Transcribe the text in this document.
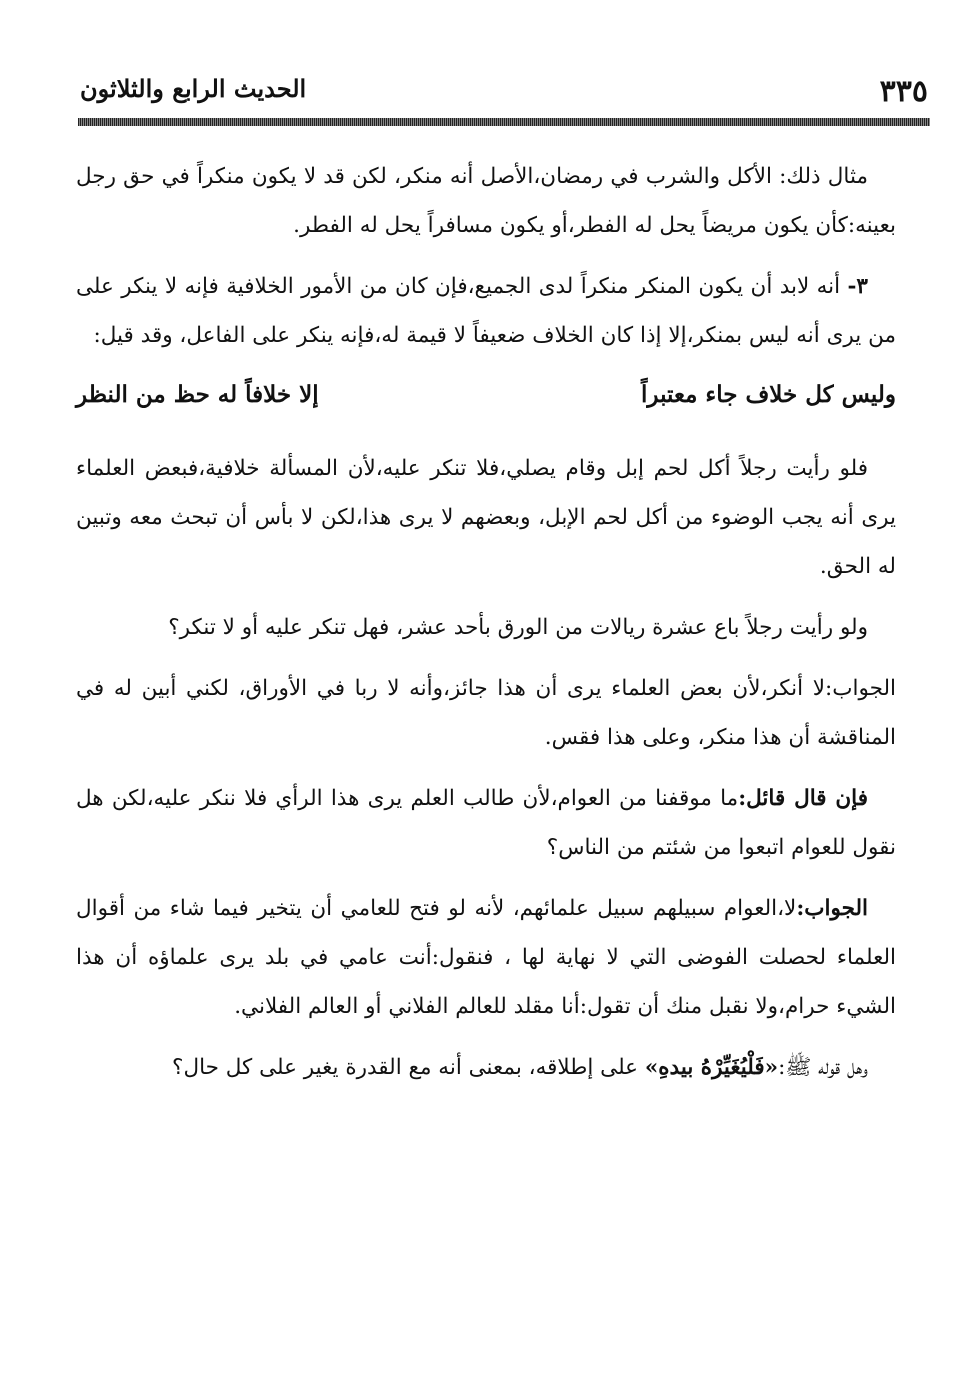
٣٣٥
الحديث الرابع والثلاثون

مثال ذلك: الأكل والشرب في رمضان،الأصل أنه منكر، لكن قد لا يكون منكراً في حق رجل بعينه:كأن يكون مريضاً يحل له الفطر،أو يكون مسافراً يحل له الفطر.

٣- أنه لابد أن يكون المنكر منكراً لدى الجميع،فإن كان من الأمور الخلافية فإنه لا ينكر على من يرى أنه ليس بمنكر،إلا إذا كان الخلاف ضعيفاً لا قيمة له،فإنه ينكر على الفاعل، وقد قيل:

وليس كل خلاف جاء معتبراً
إلا خلافاً له حظ من النظر

فلو رأيت رجلاً أكل لحم إبل وقام يصلي،فلا تنكر عليه،لأن المسألة خلافية،فبعض العلماء يرى أنه يجب الوضوء من أكل لحم الإبل، وبعضهم لا يرى هذا،لكن لا بأس أن تبحث معه وتبين له الحق.

ولو رأيت رجلاً باع عشرة ريالات من الورق بأحد عشر، فهل تنكر عليه أو لا تنكر؟

الجواب:لا أنكر،لأن بعض العلماء يرى أن هذا جائز،وأنه لا ربا في الأوراق، لكني أبين له في المناقشة أن هذا منكر، وعلى هذا فقس.

فإن قال قائل:ما موقفنا من العوام،لأن طالب العلم يرى هذا الرأي فلا ننكر عليه،لكن هل نقول للعوام اتبعوا من شئتم من الناس؟

الجواب:لا،العوام سبيلهم سبيل علمائهم، لأنه لو فتح للعامي أن يتخير فيما شاء من أقوال العلماء لحصلت الفوضى التي لا نهاية لها ، فنقول:أنت عامي في بلد يرى علماؤه أن هذا الشيء حرام،ولا نقبل منك أن تقول:أنا مقلد للعالم الفلاني أو العالم الفلاني.

وهل قوله ﷺ:«فَلْيُغَيِّرْهُ بيدهِ» على إطلاقه، بمعنى أنه مع القدرة يغير على كل حال؟
